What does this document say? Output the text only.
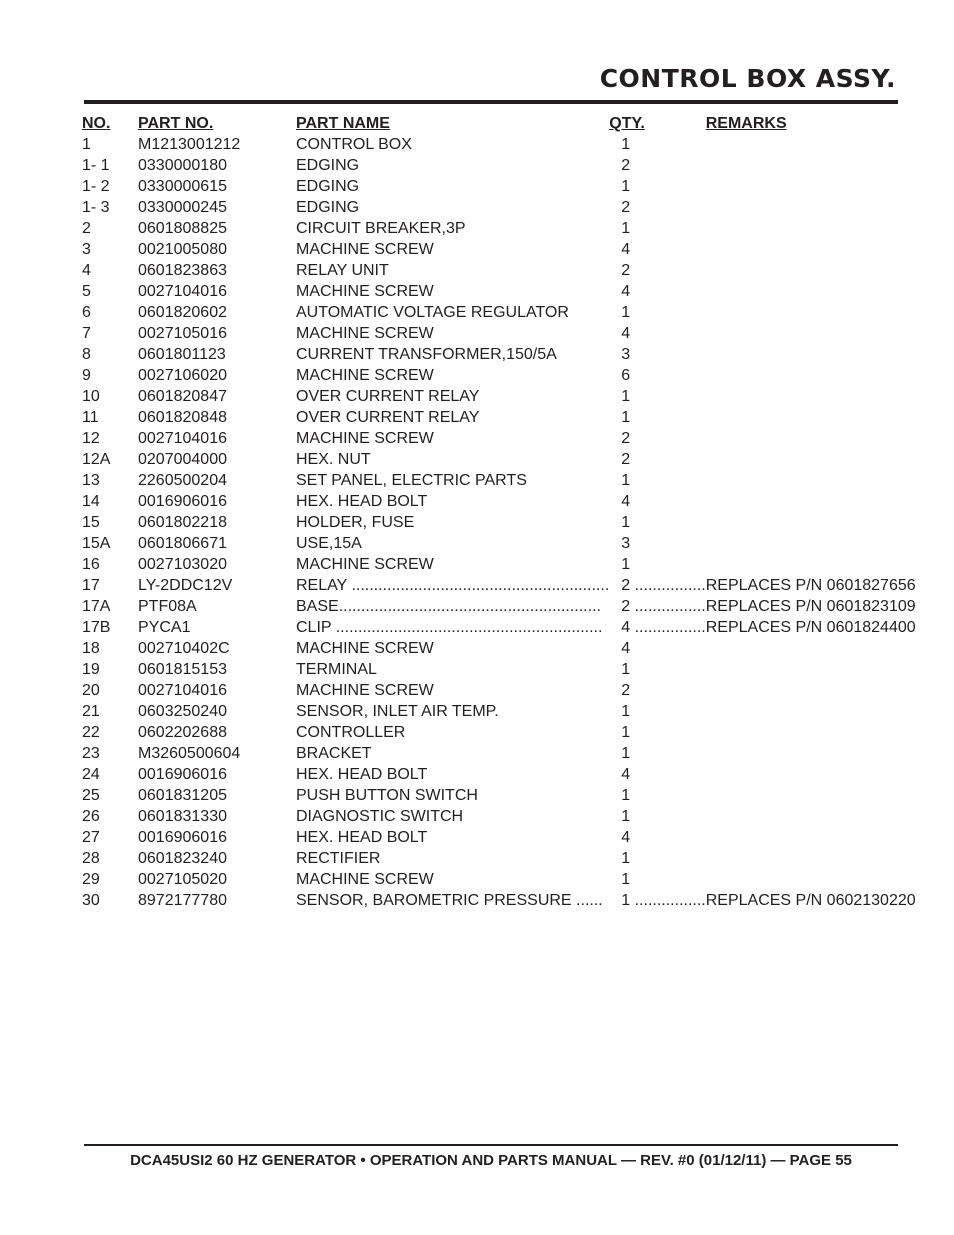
CONTROL BOX ASSY.
NO.	PART NO.	PART NAME	QTY.	REMARKS
1	M1213001212	CONTROL BOX	1	
1- 1	0330000180	EDGING	2	
1- 2	0330000615	EDGING	1	
1- 3	0330000245	EDGING	2	
2	0601808825	CIRCUIT BREAKER,3P	1	
3	0021005080	MACHINE SCREW	4	
4	0601823863	RELAY UNIT	2	
5	0027104016	MACHINE SCREW	4	
6	0601820602	AUTOMATIC VOLTAGE REGULATOR	1	
7	0027105016	MACHINE SCREW	4	
8	0601801123	CURRENT TRANSFORMER,150/5A	3	
9	0027106020	MACHINE SCREW	6	
10	0601820847	OVER CURRENT RELAY	1	
11	0601820848	OVER CURRENT RELAY	1	
12	0027104016	MACHINE SCREW	2	
12A	0207004000	HEX. NUT	2	
13	2260500204	SET PANEL, ELECTRIC PARTS	1	
14	0016906016	HEX. HEAD BOLT	4	
15	0601802218	HOLDER, FUSE	1	
15A	0601806671	USE,15A	3	
16	0027103020	MACHINE SCREW	1	
17	LY-2DDC12V	RELAY ..........................................................	2 ................	REPLACES P/N 0601827656
17A	PTF08A	BASE...........................................................	2 ................	REPLACES P/N 0601823109
17B	PYCA1	CLIP ............................................................	4 ................	REPLACES P/N 0601824400
18	002710402C	MACHINE SCREW	4	
19	0601815153	TERMINAL	1	
20	0027104016	MACHINE SCREW	2	
21	0603250240	SENSOR, INLET AIR TEMP.	1	
22	0602202688	CONTROLLER	1	
23	M3260500604	BRACKET	1	
24	0016906016	HEX. HEAD BOLT	4	
25	0601831205	PUSH BUTTON SWITCH	1	
26	0601831330	DIAGNOSTIC SWITCH	1	
27	0016906016	HEX. HEAD BOLT	4	
28	0601823240	RECTIFIER	1	
29	0027105020	MACHINE SCREW	1	
30	8972177780	SENSOR, BAROMETRIC PRESSURE ......	1 ................	REPLACES P/N 0602130220

DCA45USI2 60 HZ GENERATOR • OPERATION AND PARTS MANUAL — REV. #0 (01/12/11) — PAGE 55
